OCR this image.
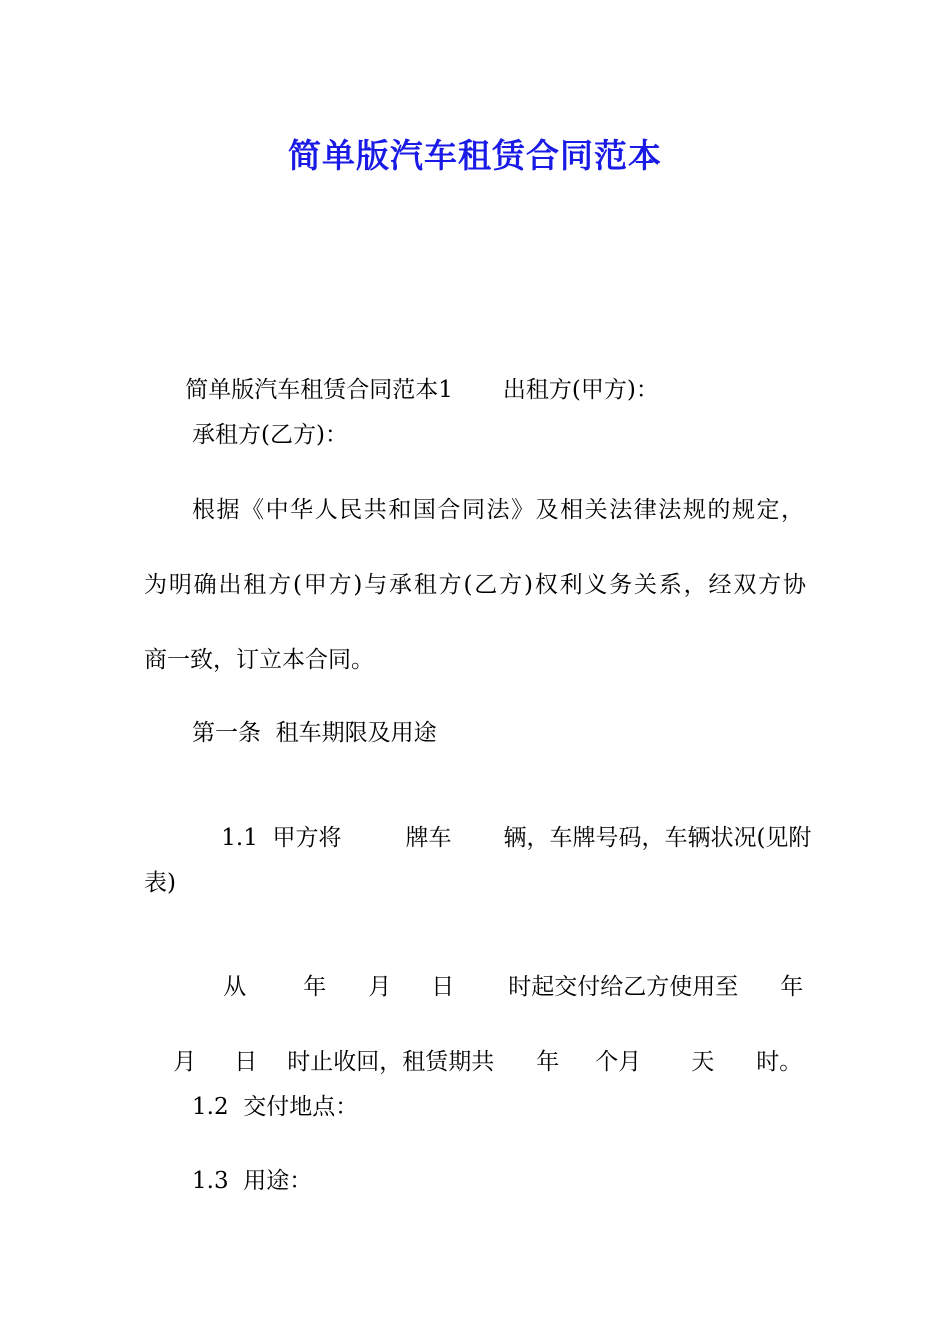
简单版汽车租赁合同范本

简单版汽车租赁合同范本1 出租方(甲方)：

承租方(乙方)：
根据《中华人民共和国合同法》及相关法律法规的规定，
为明确出租方(甲方)与承租方(乙方)权利义务关系，经双方协
商一致，订立本合同。
第一条  租车期限及用途

1.1  甲方将	牌车 辆，车牌号码，车辆状况(见附

表)

从 年 月 日 时起交付给乙方使用至 年

月 日 时止收回，租赁期共 年 个月 天 时。

1.2  交付地点：
1.3  用途：
